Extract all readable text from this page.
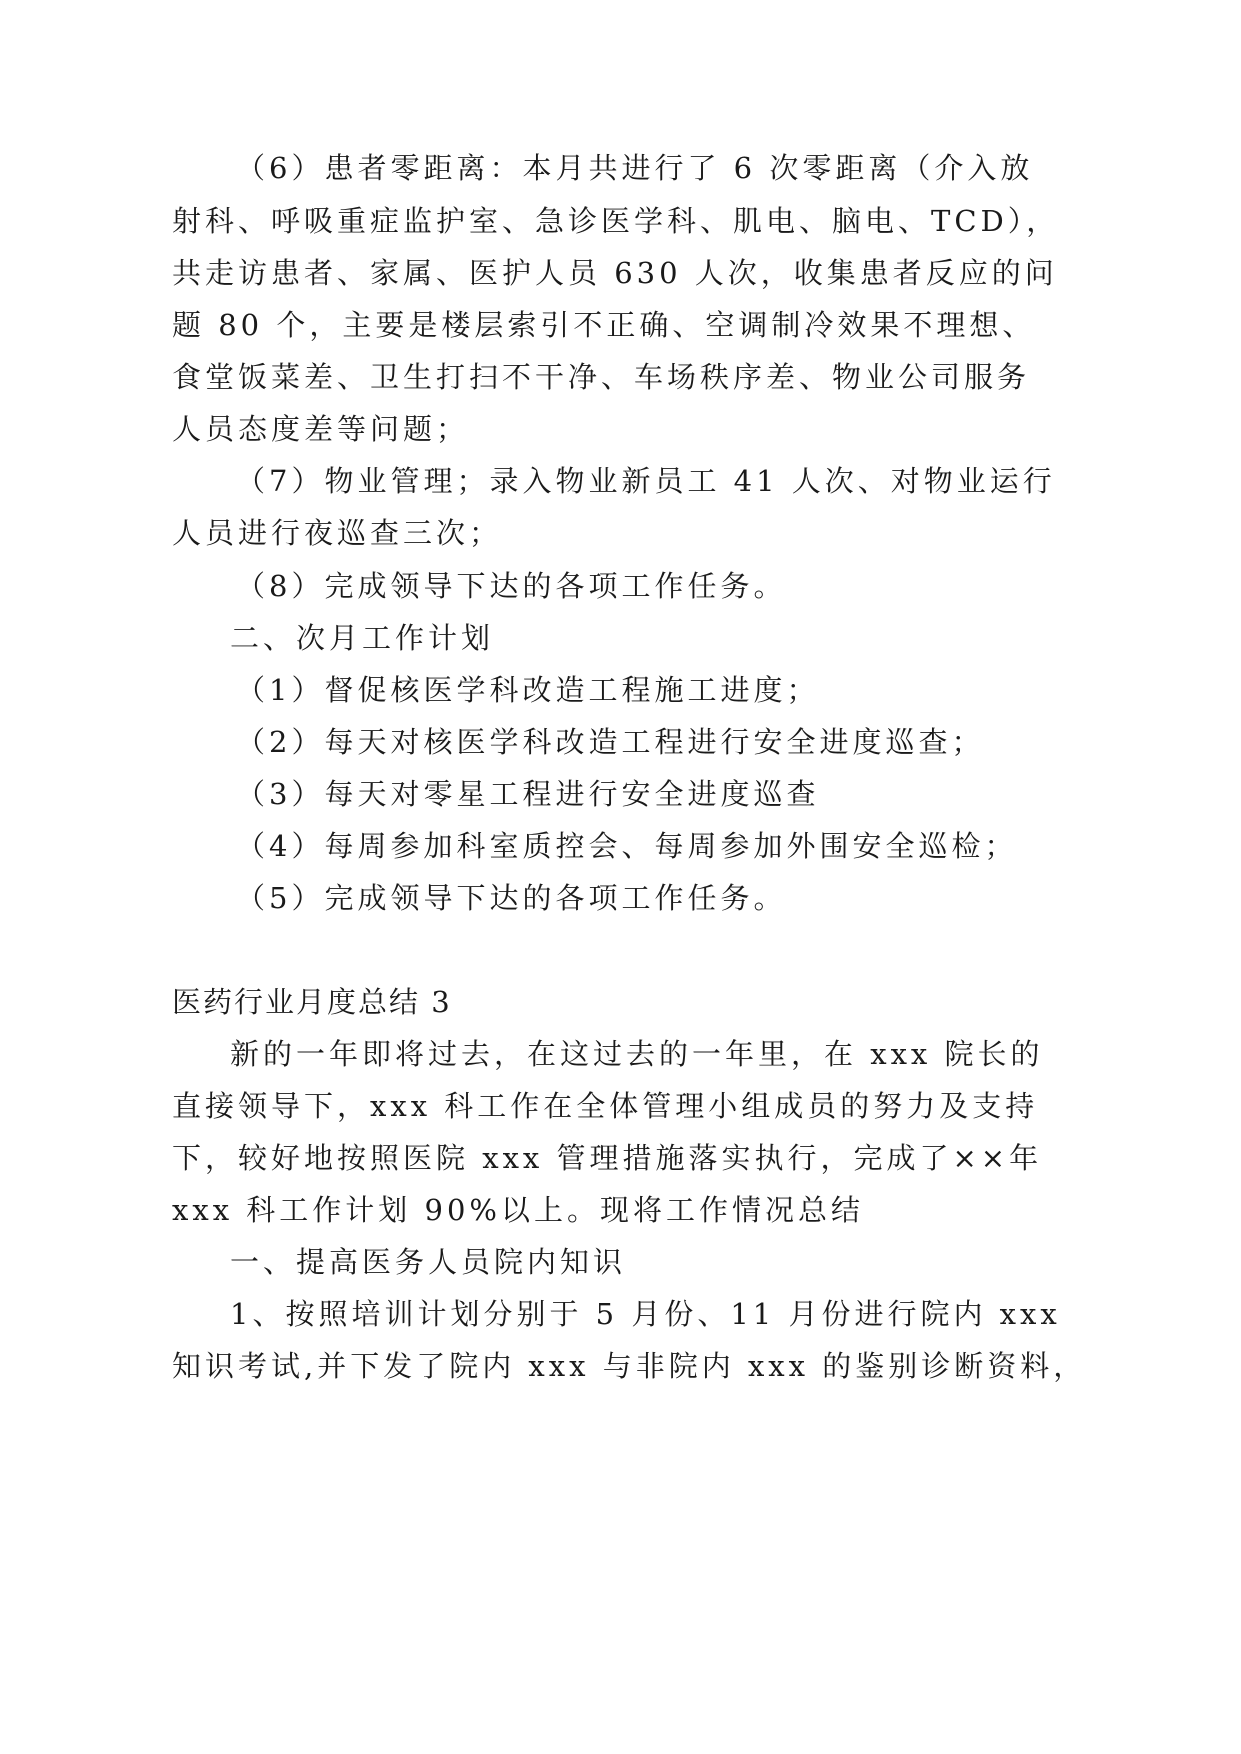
（6）患者零距离：本月共进行了 6 次零距离（介入放
射科、呼吸重症监护室、急诊医学科、肌电、脑电、TCD），
共走访患者、家属、医护人员 630 人次，收集患者反应的问
题 80 个，主要是楼层索引不正确、空调制冷效果不理想、
食堂饭菜差、卫生打扫不干净、车场秩序差、物业公司服务
人员态度差等问题；
（7）物业管理；录入物业新员工 41 人次、对物业运行
人员进行夜巡查三次；
（8）完成领导下达的各项工作任务。
二、次月工作计划
（1）督促核医学科改造工程施工进度；
（2）每天对核医学科改造工程进行安全进度巡查；
（3）每天对零星工程进行安全进度巡查
（4）每周参加科室质控会、每周参加外围安全巡检；
（5）完成领导下达的各项工作任务。
医药行业月度总结 3
新的一年即将过去，在这过去的一年里，在 xxx 院长的
直接领导下，xxx 科工作在全体管理小组成员的努力及支持
下，较好地按照医院 xxx 管理措施落实执行，完成了××年
xxx 科工作计划 90%以上。现将工作情况总结
一、提高医务人员院内知识
1、按照培训计划分别于 5 月份、11 月份进行院内 xxx
知识考试,并下发了院内 xxx 与非院内 xxx 的鉴别诊断资料，
